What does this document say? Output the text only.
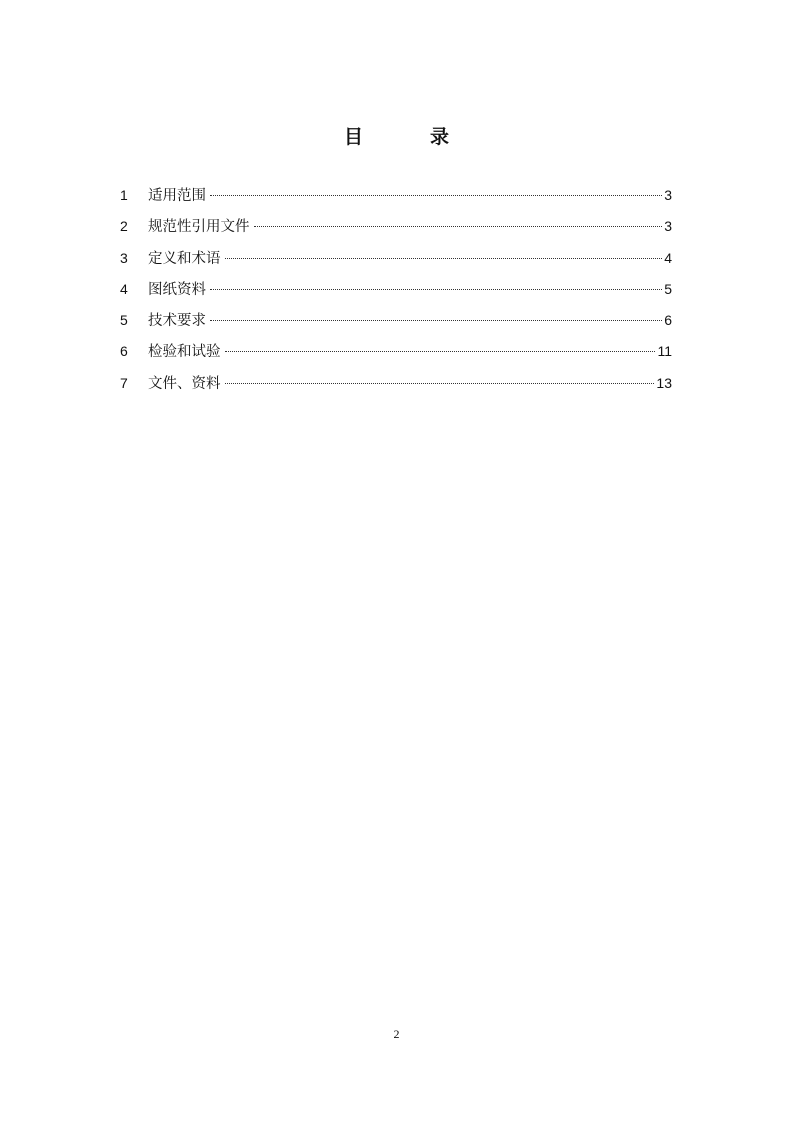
目　录
1	适用范围	3
2	规范性引用文件	3
3	定义和术语	4
4	图纸资料	5
5	技术要求	6
6	检验和试验	11
7	文件、资料	13
2
